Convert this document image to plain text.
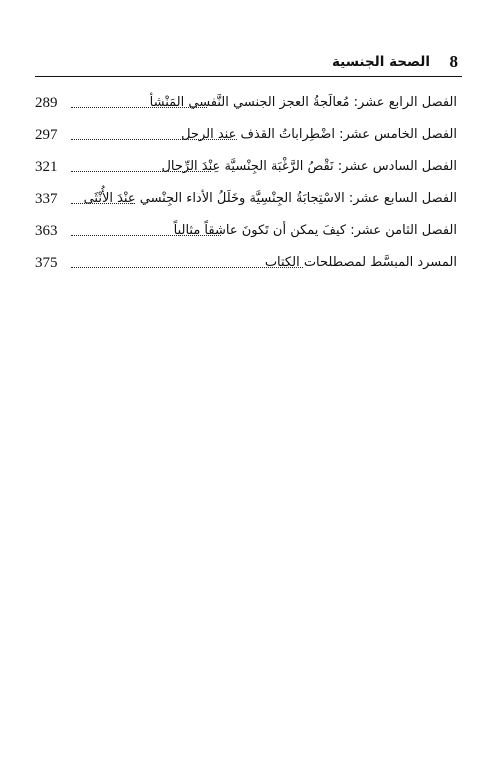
8
الصحة الجنسية
الفصل الرابع عشر: مُعالَجةُ العجز الجنسي النَّفسي المَنْشأ
289
الفصل الخامس عشر: اضْطِراباتُ القذف عند الرجل
297
الفصل السادس عشر: نَقْصُ الرَّغْبَة الجِنْسيَّة عِنْدَ الرِّجال
321
الفصل السابع عشر: الاسْتِجابَةُ الجِنْسِيَّة وخَلَلُ الأداء الجِنْسي عِنْدَ الأُنْثَى
337
الفصل الثامن عشر: كيفَ يمكن أن تَكونَ عاشقاً مثالياً
363
المسرد المبسَّط لمصطلحات الكتاب
375
